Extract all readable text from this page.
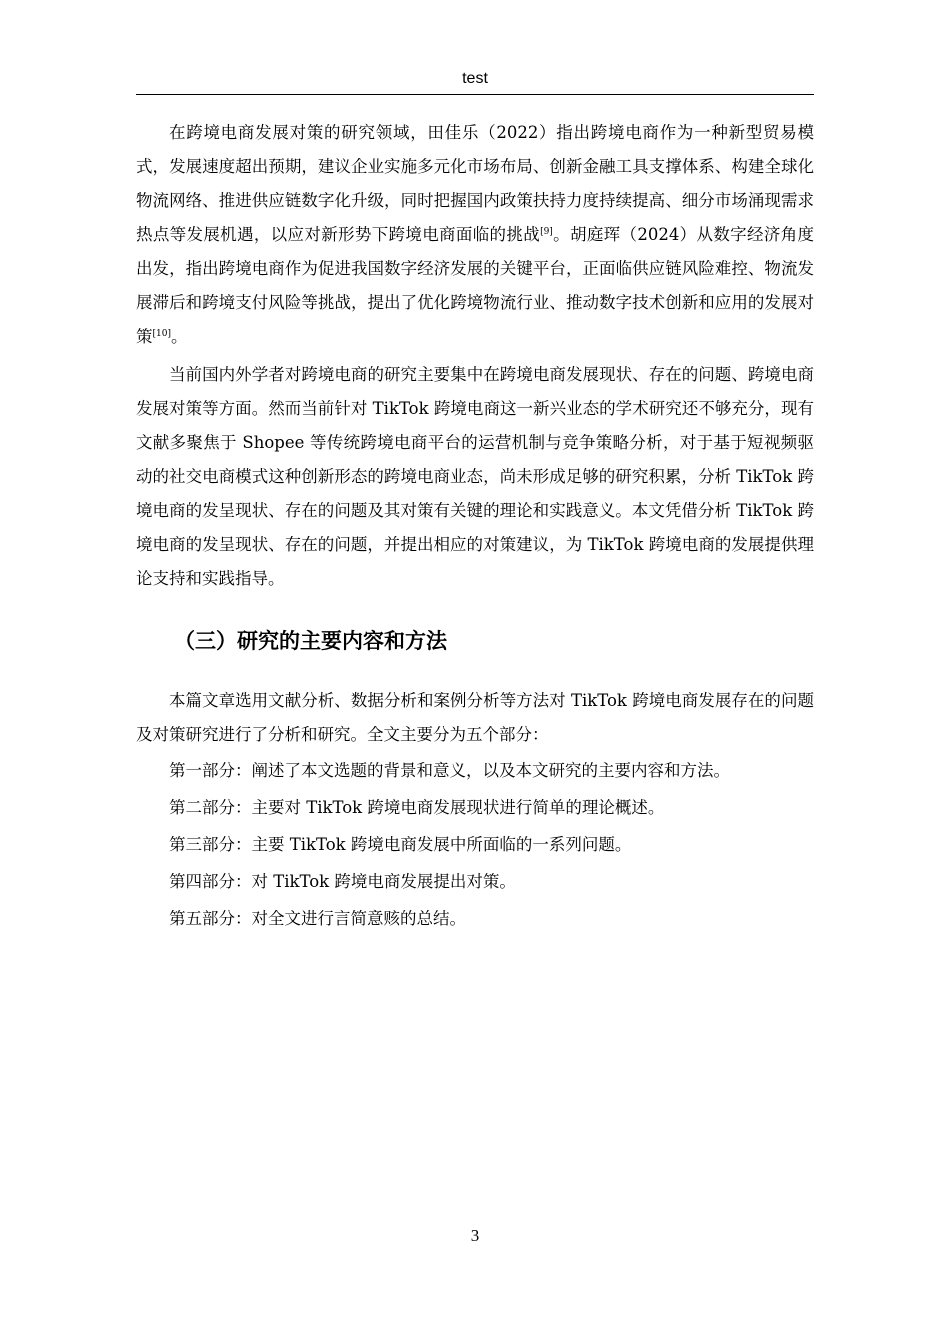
test

在跨境电商发展对策的研究领域，田佳乐（2022）指出跨境电商作为一种新型贸易模式，发展速度超出预期，建议企业实施多元化市场布局、创新金融工具支撑体系、构建全球化物流网络、推进供应链数字化升级，同时把握国内政策扶持力度持续提高、细分市场涌现需求热点等发展机遇，以应对新形势下跨境电商面临的挑战[9]。胡庭珲（2024）从数字经济角度出发，指出跨境电商作为促进我国数字经济发展的关键平台，正面临供应链风险难控、物流发展滞后和跨境支付风险等挑战，提出了优化跨境物流行业、推动数字技术创新和应用的发展对策[10]。

当前国内外学者对跨境电商的研究主要集中在跨境电商发展现状、存在的问题、跨境电商发展对策等方面。然而当前针对 TikTok 跨境电商这一新兴业态的学术研究还不够充分，现有文献多聚焦于 Shopee 等传统跨境电商平台的运营机制与竞争策略分析，对于基于短视频驱动的社交电商模式这种创新形态的跨境电商业态，尚未形成足够的研究积累，分析 TikTok 跨境电商的发呈现状、存在的问题及其对策有关键的理论和实践意义。本文凭借分析 TikTok 跨境电商的发呈现状、存在的问题，并提出相应的对策建议，为 TikTok 跨境电商的发展提供理论支持和实践指导。

（三）研究的主要内容和方法

本篇文章选用文献分析、数据分析和案例分析等方法对 TikTok 跨境电商发展存在的问题及对策研究进行了分析和研究。全文主要分为五个部分：

第一部分：阐述了本文选题的背景和意义，以及本文研究的主要内容和方法。

第二部分：主要对 TikTok 跨境电商发展现状进行简单的理论概述。

第三部分：主要 TikTok 跨境电商发展中所面临的一系列问题。

第四部分：对 TikTok 跨境电商发展提出对策。

第五部分：对全文进行言简意赅的总结。

3
